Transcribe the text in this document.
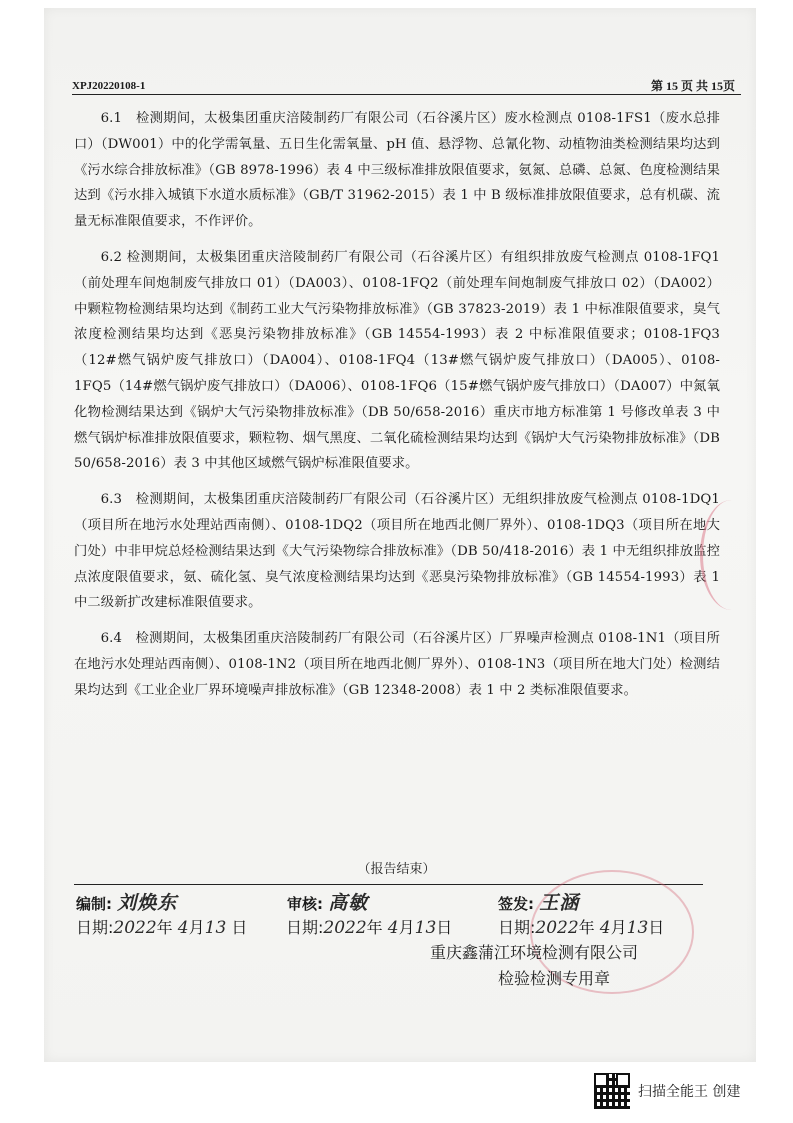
XPJ20220108-1	第 15 页 共 15页

6.1　检测期间，太极集团重庆涪陵制药厂有限公司（石谷溪片区）废水检测点 0108-1FS1（废水总排口）（DW001）中的化学需氧量、五日生化需氧量、pH 值、悬浮物、总氰化物、动植物油类检测结果均达到《污水综合排放标准》（GB 8978-1996）表 4 中三级标准排放限值要求，氨氮、总磷、总氮、色度检测结果达到《污水排入城镇下水道水质标准》（GB/T 31962-2015）表 1 中 B 级标准排放限值要求，总有机碳、流量无标准限值要求，不作评价。

6.2 检测期间，太极集团重庆涪陵制药厂有限公司（石谷溪片区）有组织排放废气检测点 0108-1FQ1（前处理车间炮制废气排放口 01）（DA003）、0108-1FQ2（前处理车间炮制废气排放口 02）（DA002）中颗粒物检测结果均达到《制药工业大气污染物排放标准》（GB 37823-2019）表 1 中标准限值要求，臭气浓度检测结果均达到《恶臭污染物排放标准》（GB 14554-1993）表 2 中标准限值要求；0108-1FQ3（12#燃气锅炉废气排放口）（DA004）、0108-1FQ4（13#燃气锅炉废气排放口）（DA005）、0108-1FQ5（14#燃气锅炉废气排放口）（DA006）、0108-1FQ6（15#燃气锅炉废气排放口）（DA007）中氮氧化物检测结果达到《锅炉大气污染物排放标准》（DB 50/658-2016）重庆市地方标准第 1 号修改单表 3 中燃气锅炉标准排放限值要求，颗粒物、烟气黑度、二氧化硫检测结果均达到《锅炉大气污染物排放标准》（DB 50/658-2016）表 3 中其他区域燃气锅炉标准限值要求。

6.3　检测期间，太极集团重庆涪陵制药厂有限公司（石谷溪片区）无组织排放废气检测点 0108-1DQ1（项目所在地污水处理站西南侧）、0108-1DQ2（项目所在地西北侧厂界外）、0108-1DQ3（项目所在地大门处）中非甲烷总烃检测结果达到《大气污染物综合排放标准》（DB 50/418-2016）表 1 中无组织排放监控点浓度限值要求，氨、硫化氢、臭气浓度检测结果均达到《恶臭污染物排放标准》（GB 14554-1993）表 1 中二级新扩改建标准限值要求。

6.4　检测期间，太极集团重庆涪陵制药厂有限公司（石谷溪片区）厂界噪声检测点 0108-1N1（项目所在地污水处理站西南侧）、0108-1N2（项目所在地西北侧厂界外）、0108-1N3（项目所在地大门处）检测结果均达到《工业企业厂界环境噪声排放标准》（GB 12348-2008）表 1 中 2 类标准限值要求。

（报告结束）
编制: 刘焕东	审核: 高敏	签发: 王涵
日期:2022年 4月13 日 日期:2022年 4月13日	日期:2022年 4月13日
重庆鑫蒲江环境检测有限公司
检验检测专用章
扫描全能王 创建
